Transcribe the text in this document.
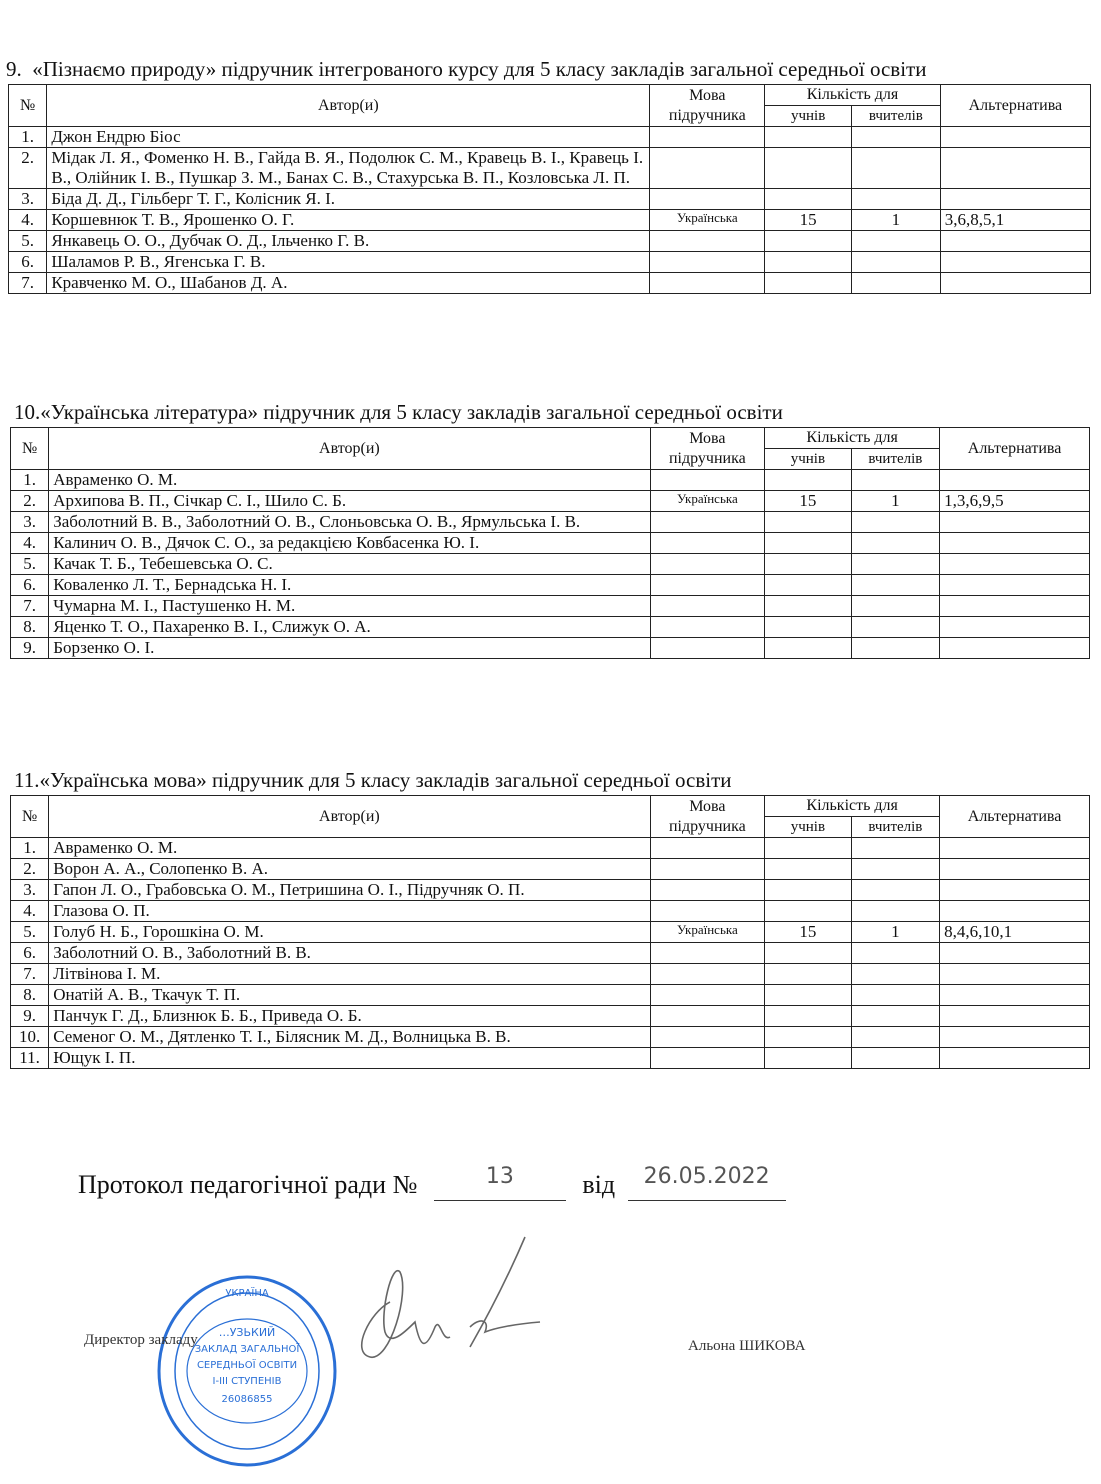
9. «Пізнаємо природу» підручник інтегрованого курсу для 5 класу закладів загальної середньої освіти
№	Автор(и)	Мова
підручника	Кількість для		Альтернатива
			учнів	вчителів	
1.	Джон Ендрю Біос				
2.	Мідак Л. Я., Фоменко Н. В., Гайда В. Я., Подолюк С. М., Кравець В. І., Кравець І. В., Олійник І. В., Пушкар З. М., Банах С. В., Стахурська В. П., Козловська Л. П.				
3.	Біда Д. Д., Гільберг Т. Г., Колісник Я. І.				
4.	Коршевнюк Т. В., Ярошенко О. Г.	Українська	15	1	3,6,8,5,1
5.	Янкавець О. О., Дубчак О. Д., Ільченко Г. В.				
6.	Шаламов Р. В., Ягенська Г. В.				
7.	Кравченко М. О., Шабанов Д. А.				
10.«Українська література» підручник для 5 класу закладів загальної середньої освіти
№	Автор(и)	Мова
підручника	Кількість для		Альтернатива
			учнів	вчителів	
1.	Авраменко О. М.				
2.	Архипова В. П., Січкар С. І., Шило С. Б.	Українська	15	1	1,3,6,9,5
3.	Заболотний В. В., Заболотний О. В., Слоньовська О. В., Ярмульська І. В.				
4.	Калинич О. В., Дячок С. О., за редакцією Ковбасенка Ю. І.				
5.	Качак Т. Б., Тебешевська О. С.				
6.	Коваленко Л. Т., Бернадська Н. І.				
7.	Чумарна М. І., Пастушенко Н. М.				
8.	Яценко Т. О., Пахаренко В. І., Слижук О. А.				
9.	Борзенко О. І.				
11.«Українська мова» підручник для 5 класу закладів загальної середньої освіти
№	Автор(и)	Мова
підручника	Кількість для		Альтернатива
			учнів	вчителів	
1.	Авраменко О. М.				
2.	Ворон А. А., Солопенко В. А.				
3.	Гапон Л. О., Грабовська О. М., Петришина О. І., Підручняк О. П.				
4.	Глазова О. П.				
5.	Голуб Н. Б., Горошкіна О. М.	Українська	15	1	8,4,6,10,1
6.	Заболотний О. В., Заболотний В. В.				
7.	Літвінова І. М.				
8.	Онатій А. В., Ткачук Т. П.				
9.	Панчук Г. Д., Близнюк Б. Б., Приведа О. Б.				
10.	Семеног О. М., Дятленко Т. І., Білясник М. Д., Волницька В. В.				
11.	Ющук І. П.				
Протокол педагогічної ради №	$^{13}$	від $^{26.05.2022}$
…УЗЬКИЙ
ЗАКЛАД ЗАГАЛЬНОЇ
СЕРЕДНЬОЇ ОСВІТИ
І-ІІІ СТУПЕНІВ
26086855
УКРАЇНА
Директор закладу	Альона ШИКОВА
